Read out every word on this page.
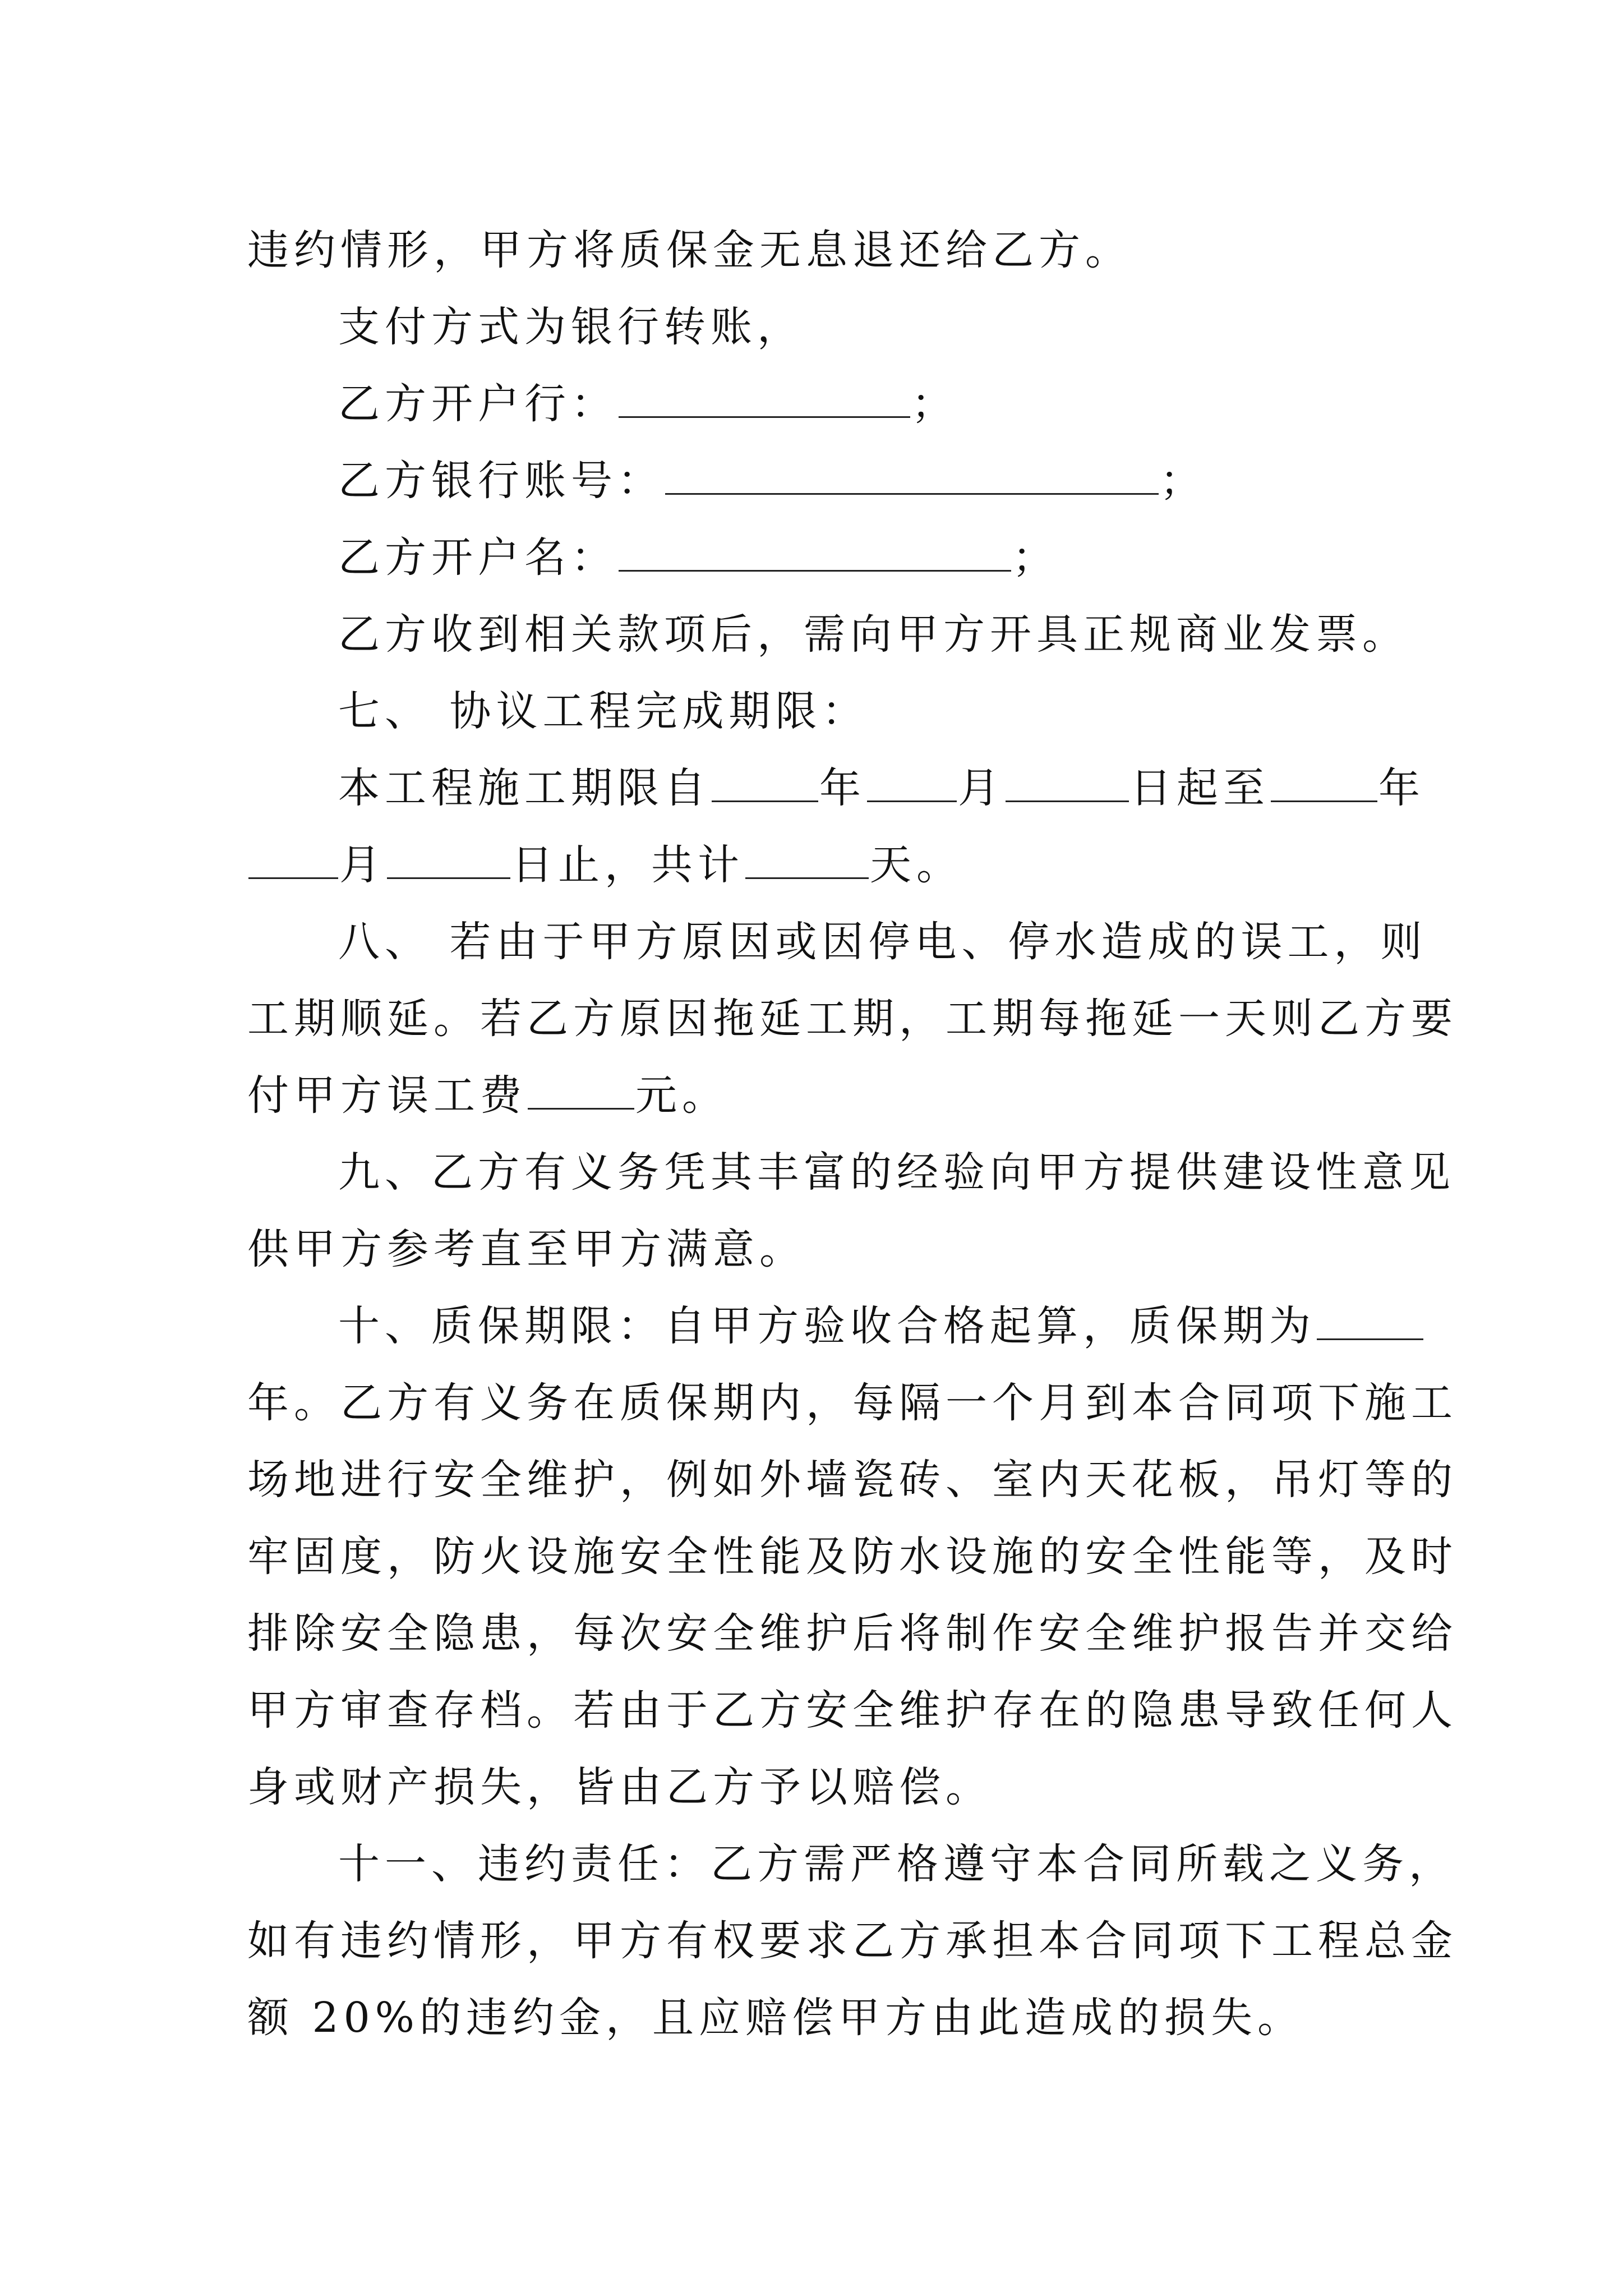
违约情形，甲方将质保金无息退还给乙方。
支付方式为银行转账，
乙方开户行：	；
乙方银行账号：	；
乙方开户名：	；
乙方收到相关款项后，需向甲方开具正规商业发票。
七、 协议工程完成期限：
本工程施工期限自	年 月	日起至	年
月	日止，共计	天。
八、 若由于甲方原因或因停电、停水造成的误工，则
工期顺延。若乙方原因拖延工期，工期每拖延一天则乙方要
付甲方误工费	元。
九、乙方有义务凭其丰富的经验向甲方提供建设性意见
供甲方参考直至甲方满意。
十、质保期限：自甲方验收合格起算，质保期为
年。乙方有义务在质保期内，每隔一个月到本合同项下施工
场地进行安全维护，例如外墙瓷砖、室内天花板，吊灯等的
牢固度，防火设施安全性能及防水设施的安全性能等，及时
排除安全隐患，每次安全维护后将制作安全维护报告并交给
甲方审查存档。若由于乙方安全维护存在的隐患导致任何人
身或财产损失，皆由乙方予以赔偿。
十一、违约责任：乙方需严格遵守本合同所载之义务，
如有违约情形，甲方有权要求乙方承担本合同项下工程总金
额 20%的违约金，且应赔偿甲方由此造成的损失。
